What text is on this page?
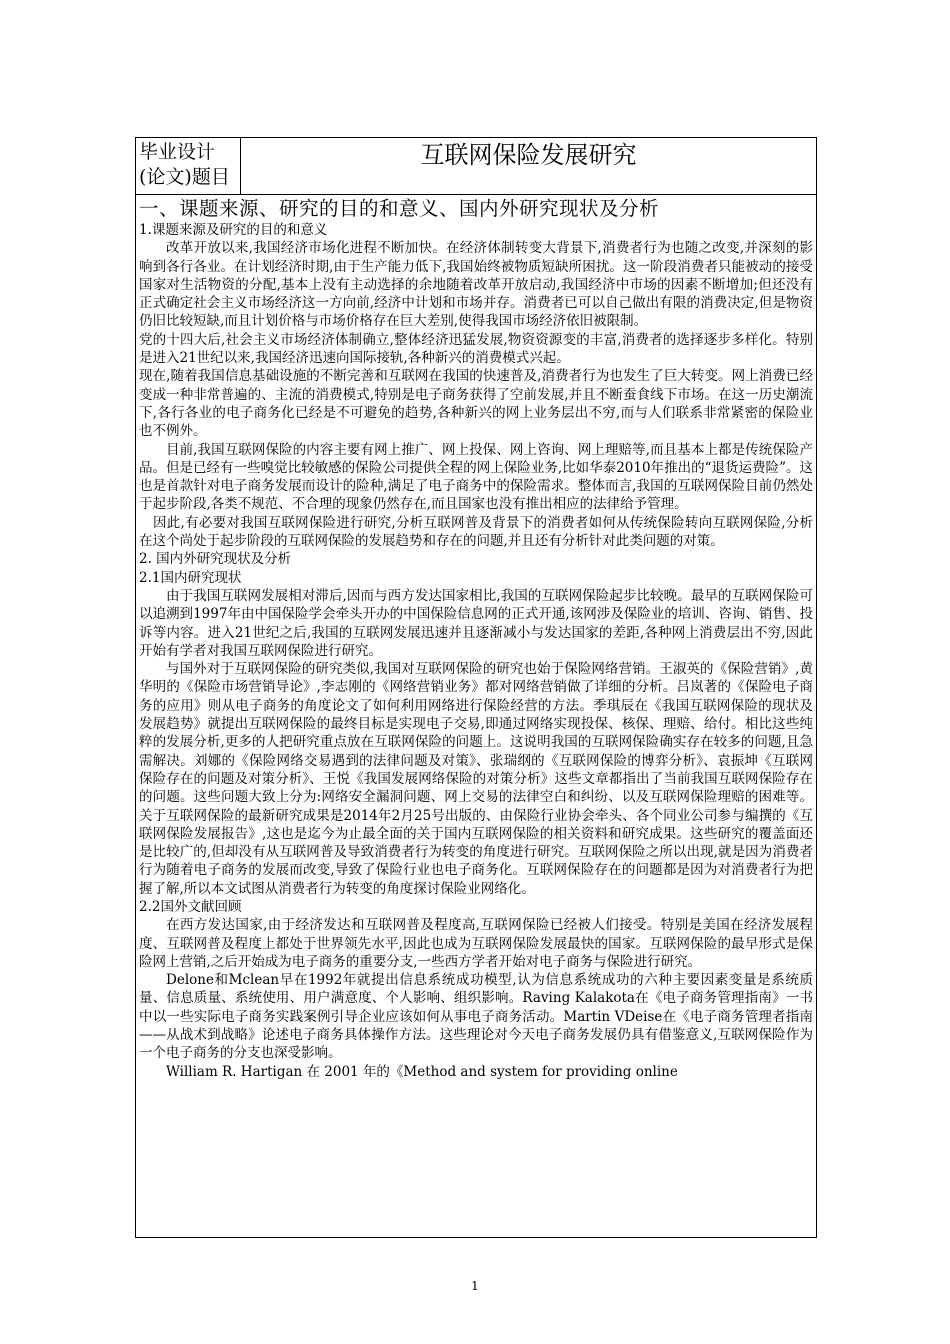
毕业设计(论文)题目
互联网保险发展研究
一、课题来源、研究的目的和意义、国内外研究现状及分析

1.课题来源及研究的目的和意义

改革开放以来,我国经济市场化进程不断加快。在经济体制转变大背景下,消费者行为也随之改变,并深刻的影响到各行各业。在计划经济时期,由于生产能力低下,我国始终被物质短缺所困扰。这一阶段消费者只能被动的接受国家对生活物资的分配,基本上没有主动选择的余地随着改革开放启动,我国经济中市场的因素不断增加;但还没有正式确定社会主义市场经济这一方向前,经济中计划和市场并存。消费者已可以自己做出有限的消费决定,但是物资仍旧比较短缺,而且计划价格与市场价格存在巨大差别,使得我国市场经济依旧被限制。

党的十四大后,社会主义市场经济体制确立,整体经济迅猛发展,物资资源变的丰富,消费者的选择逐步多样化。特别是进入21世纪以来,我国经济迅速向国际接轨,各种新兴的消费模式兴起。

现在,随着我国信息基础设施的不断完善和互联网在我国的快速普及,消费者行为也发生了巨大转变。网上消费已经变成一种非常普遍的、主流的消费模式,特别是电子商务获得了空前发展,并且不断蚕食线下市场。在这一历史潮流下,各行各业的电子商务化已经是不可避免的趋势,各种新兴的网上业务层出不穷,而与人们联系非常紧密的保险业也不例外。

目前,我国互联网保险的内容主要有网上推广、网上投保、网上咨询、网上理赔等,而且基本上都是传统保险产品。但是已经有一些嗅觉比较敏感的保险公司提供全程的网上保险业务,比如华泰2010年推出的“退货运费险”。这也是首款针对电子商务发展而设计的险种,满足了电子商务中的保险需求。整体而言,我国的互联网保险目前仍然处于起步阶段,各类不规范、不合理的现象仍然存在,而且国家也没有推出相应的法律给予管理。

因此,有必要对我国互联网保险进行研究,分析互联网普及背景下的消费者如何从传统保险转向互联网保险,分析在这个尚处于起步阶段的互联网保险的发展趋势和存在的问题,并且还有分析针对此类问题的对策。

2. 国内外研究现状及分析

2.1国内研究现状

由于我国互联网发展相对滞后,因而与西方发达国家相比,我国的互联网保险起步比较晚。最早的互联网保险可以追溯到1997年由中国保险学会牵头开办的中国保险信息网的正式开通,该网涉及保险业的培训、咨询、销售、投诉等内容。进入21世纪之后,我国的互联网发展迅速并且逐渐减小与发达国家的差距,各种网上消费层出不穷,因此开始有学者对我国互联网保险进行研究。

与国外对于互联网保险的研究类似,我国对互联网保险的研究也始于保险网络营销。王淑英的《保险营销》,黄华明的《保险市场营销导论》,李志刚的《网络营销业务》都对网络营销做了详细的分析。吕岚著的《保险电子商务的应用》则从电子商务的角度论文了如何利用网络进行保险经营的方法。季琪辰在《我国互联网保险的现状及发展趋势》就提出互联网保险的最终目标是实现电子交易,即通过网络实现投保、核保、理赔、给付。相比这些纯粹的发展分析,更多的人把研究重点放在互联网保险的问题上。这说明我国的互联网保险确实存在较多的问题,且急需解决。刘娜的《保险网络交易遇到的法律问题及对策》、张瑞纲的《互联网保险的博弈分析》、袁振坤《互联网保险存在的问题及对策分析》、王悦《我国发展网络保险的对策分析》这些文章都指出了当前我国互联网保险存在的问题。这些问题大致上分为:网络安全漏洞问题、网上交易的法律空白和纠纷、以及互联网保险理赔的困难等。关于互联网保险的最新研究成果是2014年2月25号出版的、由保险行业协会牵头、各个同业公司参与编撰的《互联网保险发展报告》,这也是迄今为止最全面的关于国内互联网保险的相关资料和研究成果。这些研究的覆盖面还是比较广的,但却没有从互联网普及导致消费者行为转变的角度进行研究。互联网保险之所以出现,就是因为消费者行为随着电子商务的发展而改变,导致了保险行业也电子商务化。互联网保险存在的问题都是因为对消费者行为把握了解,所以本文试图从消费者行为转变的角度探讨保险业网络化。

2.2国外文献回顾

在西方发达国家,由于经济发达和互联网普及程度高,互联网保险已经被人们接受。特别是美国在经济发展程度、互联网普及程度上都处于世界领先水平,因此也成为互联网保险发展最快的国家。互联网保险的最早形式是保险网上营销,之后开始成为电子商务的重要分支,一些西方学者开始对电子商务与保险进行研究。

Delone和Mclean早在1992年就提出信息系统成功模型,认为信息系统成功的六种主要因素变量是系统质量、信息质量、系统使用、用户满意度、个人影响、组织影响。Raving Kalakota在《电子商务管理指南》一书中以一些实际电子商务实践案例引导企业应该如何从事电子商务活动。Martin VDeise在《电子商务管理者指南——从战术到战略》论述电子商务具体操作方法。这些理论对今天电子商务发展仍具有借鉴意义,互联网保险作为一个电子商务的分支也深受影响。

William R. Hartigan 在 2001 年的《Method and system for providing online

1
